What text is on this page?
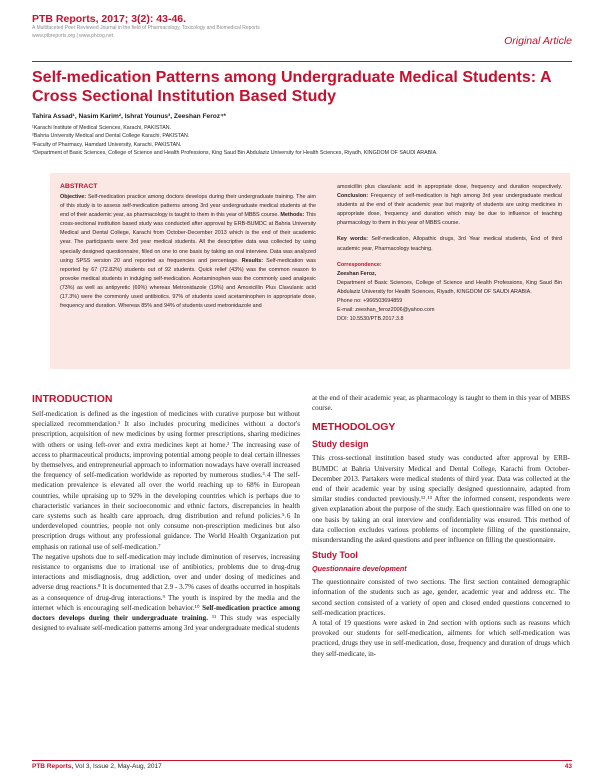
PTB Reports, 2017; 3(2): 43-46.
A Multifaceted Peer Reviewed Journal in the field of Pharmacology, Toxicology and Biomedical Reports
www.ptbreports.org | www.phcog.net	Original Article
Self-medication Patterns among Undergraduate Medical Students: A Cross Sectional Institution Based Study
Tahira Assad¹, Nasim Karim², Ishrat Younus³, Zeeshan Feroz⁴*
¹Karachi Institute of Medical Sciences, Karachi, PAKISTAN.
²Bahria University Medical and Dental College Karachi, PAKISTAN.
³Faculty of Pharmacy, Hamdard University, Karachi, PAKISTAN.
⁴Department of Basic Sciences, College of Science and Health Professions, King Saud Bin Abdulaziz University for Health Sciences, Riyadh, KINGDOM OF SAUDI ARABIA.
ABSTRACT
Objective: Self-medication practice among doctors develops during their undergraduate training. The aim of this study is to assess self-medication patterns among 3rd year undergraduate medical students at the end of their academic year, as pharmacology is taught to them in this year of MBBS course. Methods: This cross-sectional institution based study was conducted after approval by ERB-BUMDC at Bahria University Medical and Dental College, Karachi from October-December 2013 which is the end of their academic year. The participants were 3rd year medical students. All the descriptive data was collected by using specially designed questionnaire, filled on one to one basis by taking an oral interview. Data was analyzed using SPSS version 20 and reported as frequencies and percentage. Results: Self-medication was reported by 67 (72.82%) students out of 92 students. Quick relief (43%) was the common reason to provoke medical students in indulging self-medication. Acetaminophen was the commonly used analgesic (73%) as well as antipyretic (69%) whereas Metronidazole (19%) and Amoxicillin Plus Clavulanic acid (17.3%) were the commonly used antibiotics. 97% of students used acetaminophen in appropriate dose, frequency and duration. Whereas 85% and 94% of students used metronidazole and

amoxicillin plus clavulanic acid in appropriate dose, frequency and duration respectively. Conclusion: Frequency of self-medication is high among 3rd year undergraduate medical students at the end of their academic year but majority of students are using medicines in appropriate dose, frequency and duration which may be due to influence of teaching pharmacology to them in this year of MBBS course.

Key words: Self-medication, Allopathic drugs, 3rd Year medical students, End of third academic year, Pharmacology teaching.

Correspondence:
Zeeshan Feroz,
Department of Basic Sciences, College of Science and Health Professions, King Saud Bin Abdulaziz University for Health Sciences, Riyadh, KINGDOM OF SAUDI ARABIA.
Phone no: +966503694859
E-mail: zeeshan_feroz2006@yahoo.com
DOI: 10.5530/PTB.2017.3.8
INTRODUCTION

Self-medication is defined as the ingestion of medicines with curative purpose but without specialized recommendation.¹ It also includes procuring medicines without a doctor's prescription, acquisition of new medicines by using former prescriptions, sharing medicines with others or using left-over and extra medicines kept at home.² The increasing ease of access to pharmaceutical products, improving potential among people to deal certain illnesses by themselves, and entrepreneurial approach to information nowadays have overall increased the frequency of self-medication worldwide as reported by numerous studies.³˒4 The self-medication prevalence is elevated all over the world reaching up to 68% in European countries, while upraising up to 92% in the developing countries which is perhaps due to characteristic variances in their socioeconomic and ethnic factors, discrepancies in health care systems such as health care approach, drug distribution and refund policies.⁵˒6 In underdeveloped countries, people not only consume non-prescription medicines but also prescription drugs without any professional guidance. The World Health Organization put emphasis on rational use of self-medication.⁷

The negative upshots due to self-medication may include diminution of reserves, increasing resistance to organisms due to irrational use of antibiotics, problems due to drug-drug interactions and misdiagnosis, drug addiction, over and under dosing of medicines and adverse drug reactions.⁸ It is documented that 2.9 - 3.7% cases of deaths occurred in hospitals as a consequence of drug-drug interactions.⁹ The youth is inspired by the media and the internet which is encouraging self-medication behavior.¹⁰ Self-medication practice among doctors develops during their undergraduate training. ¹¹ This study was especially designed to evaluate self-medication patterns among 3rd year undergraduate medical students

at the end of their academic year, as pharmacology is taught to them in this year of MBBS course.

METHODOLOGY
Study design

This cross-sectional institution based study was conducted after approval by ERB-BUMDC at Bahria University Medical and Dental College, Karachi from October-December 2013. Partakers were medical students of third year. Data was collected at the end of their academic year by using specially designed questionnaire, adapted from similar studies conducted previously.¹²˒¹³ After the informed consent, respondents were given explanation about the purpose of the study. Each questionnaire was filled on one to one basis by taking an oral interview and confidentiality was ensured. This method of data collection excludes various problems of incomplete filling of the questionnaire, misunderstanding the asked questions and peer influence on filling the questionnaire.

Study Tool
Questionnaire development

The questionnaire consisted of two sections. The first section contained demographic information of the students such as age, gender, academic year and address etc. The second section consisted of a variety of open and closed ended questions concerned to self-medication practices.

A total of 19 questions were asked in 2nd section with options such as reasons which provoked our students for self-medication, ailments for which self-medication was practiced, drugs they use in self-medication, dose, frequency and duration of drugs which they self-medicate, in-

PTB Reports, Vol 3, Issue 2, May-Aug, 2017	43
